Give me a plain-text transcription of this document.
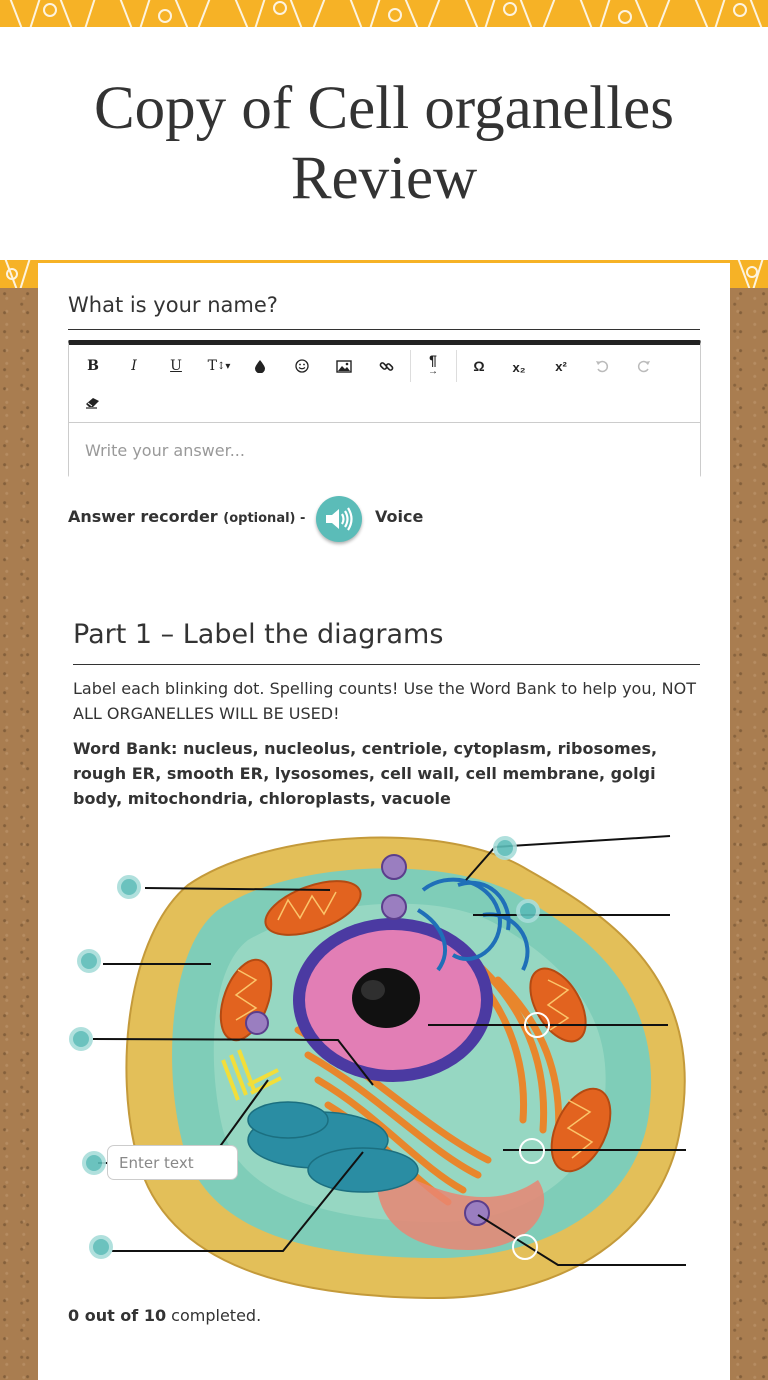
Copy of Cell organelles Review
What is your name?
B	I	U	T ↕▾	¶
→	Ω	x₂	x²
Write your answer...
Answer recorder (optional) -	Voice
Part 1 – Label the diagrams
Label each blinking dot. Spelling counts! Use the Word Bank to help you, NOT ALL ORGANELLES WILL BE USED!
Word Bank: nucleus, nucleolus, centriole, cytoplasm, ribosomes, rough ER, smooth ER, lysosomes, cell wall, cell membrane, golgi body, mitochondria, chloroplasts, vacuole

Enter text
0 out of 10 completed.
